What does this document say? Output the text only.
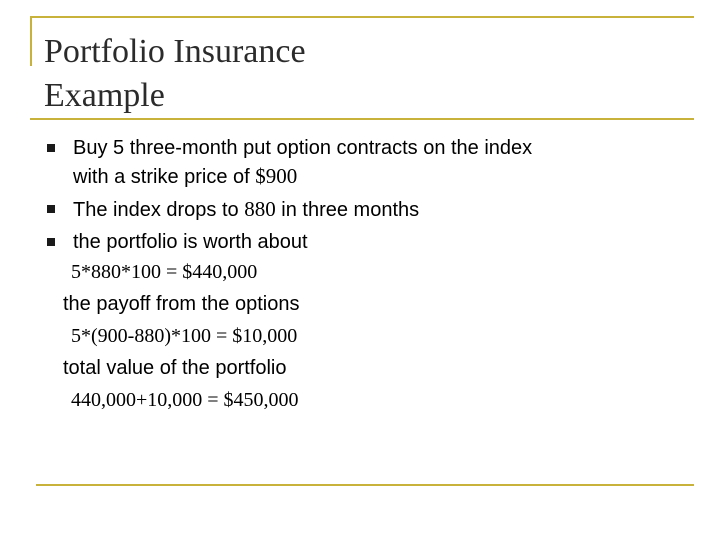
Portfolio Insurance
Example
Buy 5 three-month put option contracts on the index
with a strike price of $900
The index drops to 880 in three months
the portfolio is worth about
5*880*100 = $440,000
the payoff from the options
5*(900-880)*100 = $10,000
total value of the portfolio
440,000+10,000 = $450,000
